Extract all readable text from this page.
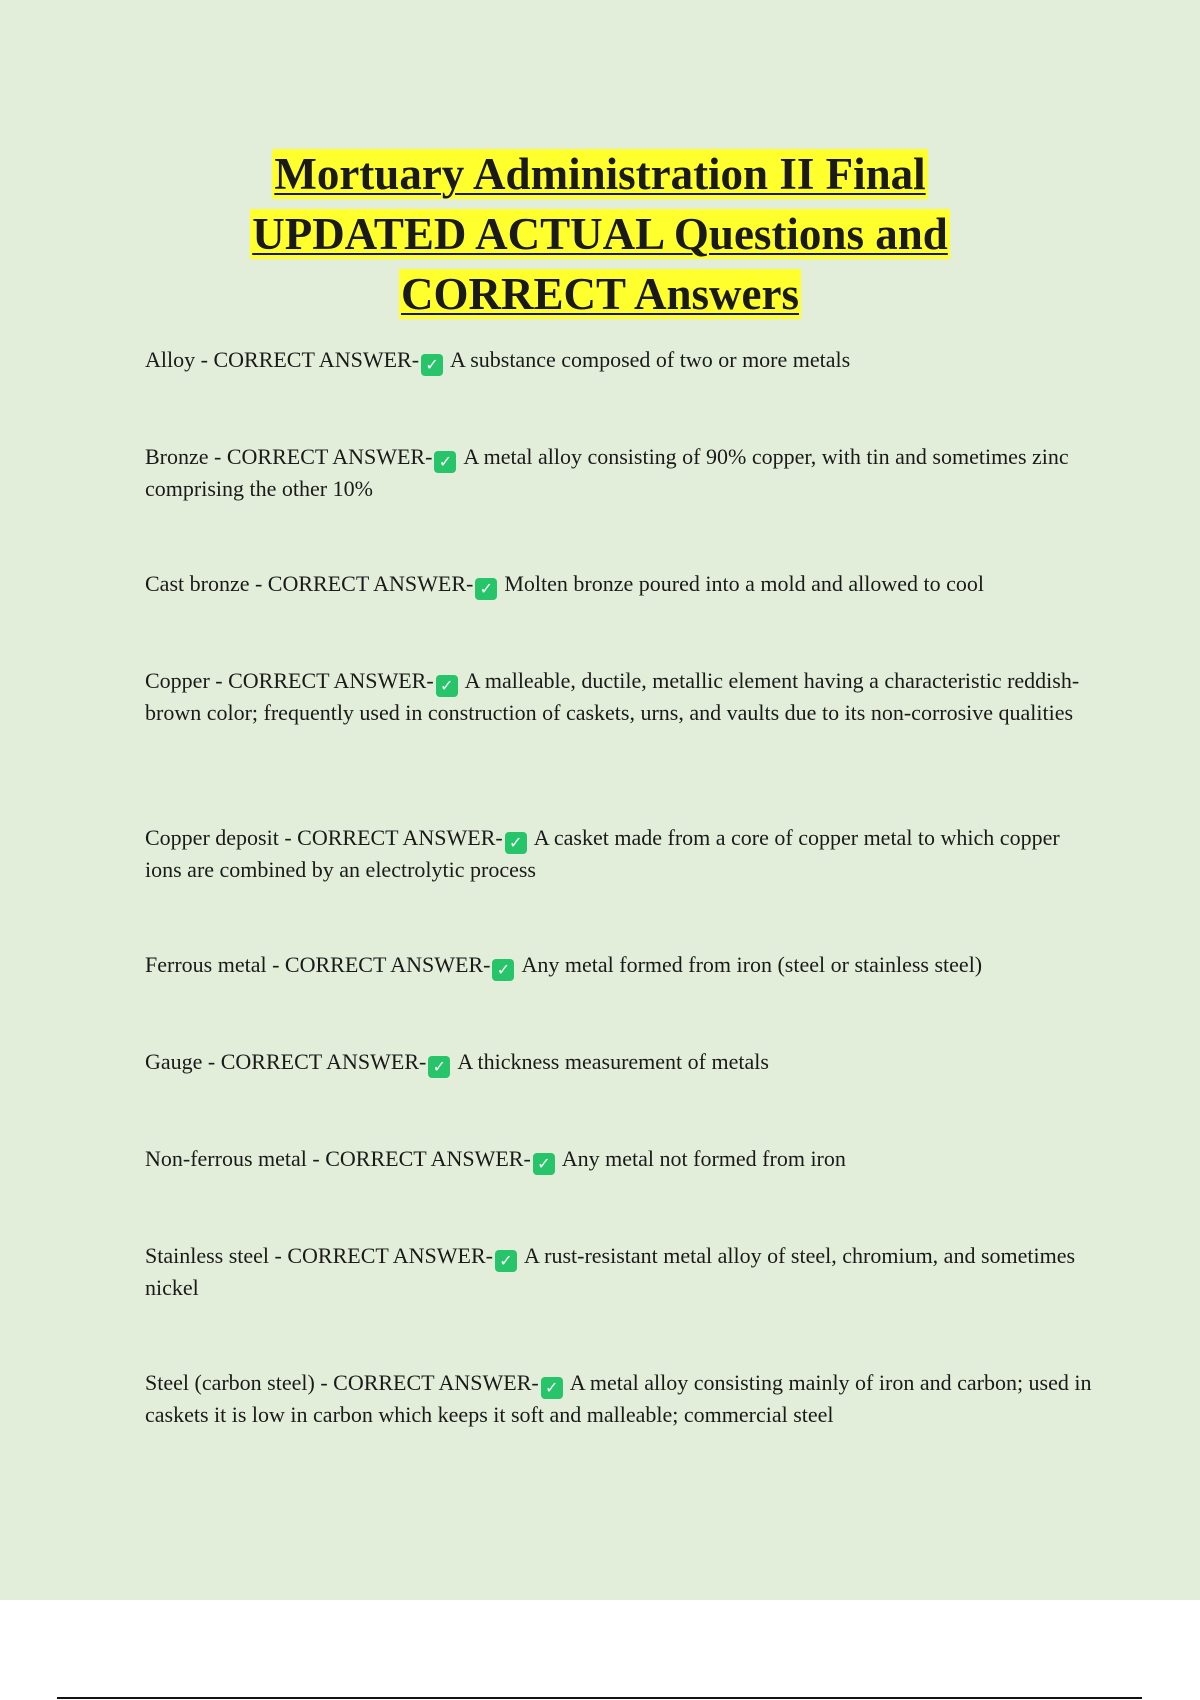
Mortuary Administration II Final
UPDATED ACTUAL Questions and
CORRECT Answers
Alloy - CORRECT ANSWER- ✓ A substance composed of two or more metals
Bronze - CORRECT ANSWER- ✓ A metal alloy consisting of 90% copper, with tin and sometimes zinc comprising the other 10%
Cast bronze - CORRECT ANSWER- ✓ Molten bronze poured into a mold and allowed to cool
Copper - CORRECT ANSWER- ✓ A malleable, ductile, metallic element having a characteristic reddish-brown color; frequently used in construction of caskets, urns, and vaults due to its non-corrosive qualities
Copper deposit - CORRECT ANSWER- ✓ A casket made from a core of copper metal to which copper ions are combined by an electrolytic process
Ferrous metal - CORRECT ANSWER- ✓ Any metal formed from iron (steel or stainless steel)
Gauge - CORRECT ANSWER- ✓ A thickness measurement of metals
Non-ferrous metal - CORRECT ANSWER- ✓ Any metal not formed from iron
Stainless steel - CORRECT ANSWER- ✓ A rust-resistant metal alloy of steel, chromium, and sometimes nickel
Steel (carbon steel) - CORRECT ANSWER- ✓ A metal alloy consisting mainly of iron and carbon; used in caskets it is low in carbon which keeps it soft and malleable; commercial steel
